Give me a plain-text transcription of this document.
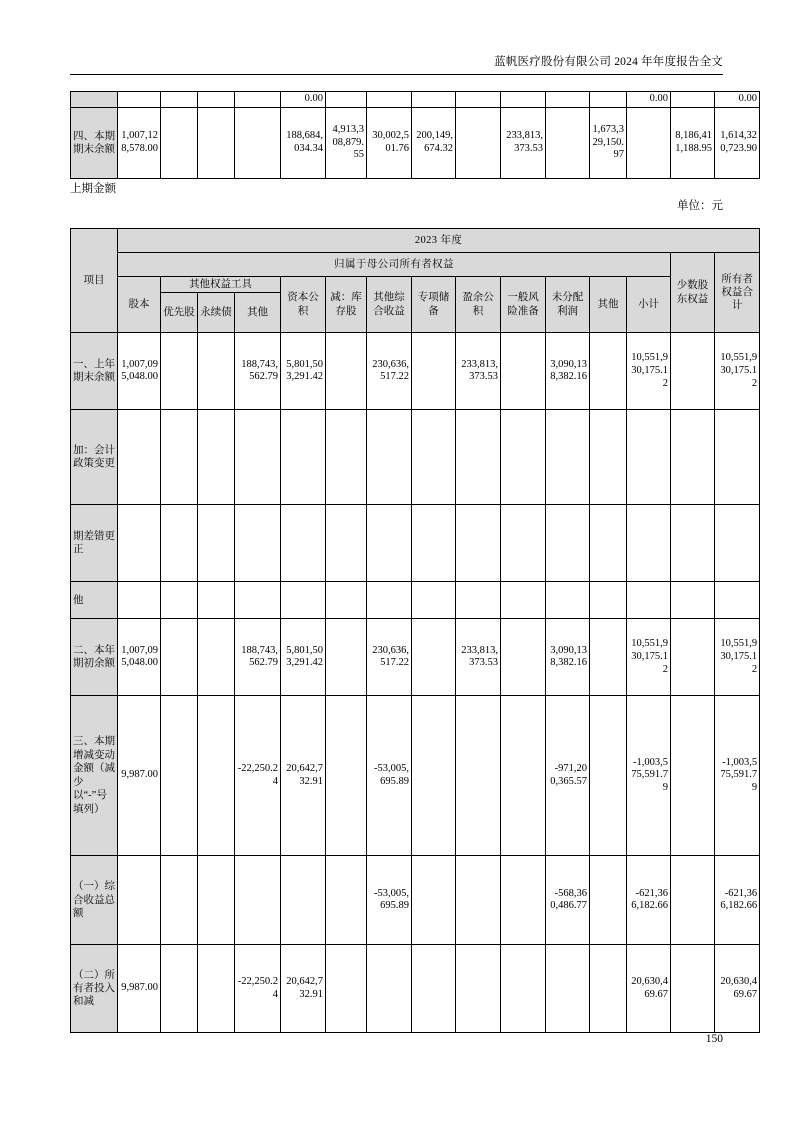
蓝帆医疗股份有限公司 2024 年年度报告全文
					0.00								0.00		0.00
四、本期期末余额	1,007,128,578.00				188,684,034.34	4,913,308,879.55	30,002,501.76	200,149,674.32		233,813,373.53		1,673,329,150.97		8,186,411,188.95	1,614,320,723.90
上期金额
单位：元
项目	2023 年度														
	归属于母公司所有者权益													少数股东权益	所有者权益合计
	股本	其他权益工具			资本公积	减：库存股	其他综合收益	专项储备	盈余公积	一般风险准备	未分配利润	其他	小计		
		优先股	永续债	其他											
一、上年期末余额	1,007,095,048.00			188,743,562.79	5,801,503,291.42		230,636,517.22		233,813,373.53		3,090,138,382.16		10,551,930,175.12		10,551,930,175.12
加：会计政策变更															
期差错更正															
他															
二、本年期初余额	1,007,095,048.00			188,743,562.79	5,801,503,291.42		230,636,517.22		233,813,373.53		3,090,138,382.16		10,551,930,175.12		10,551,930,175.12
三、本期增减变动金额（减少以“-”号填列）	9,987.00			-22,250.24	20,642,732.91		-53,005,695.89				-971,200,365.57		-1,003,575,591.79		-1,003,575,591.79
（一）综合收益总额							-53,005,695.89				-568,360,486.77		-621,366,182.66		-621,366,182.66
（二）所有者投入和减	9,987.00			-22,250.24	20,642,732.91								20,630,469.67		20,630,469.67
150
